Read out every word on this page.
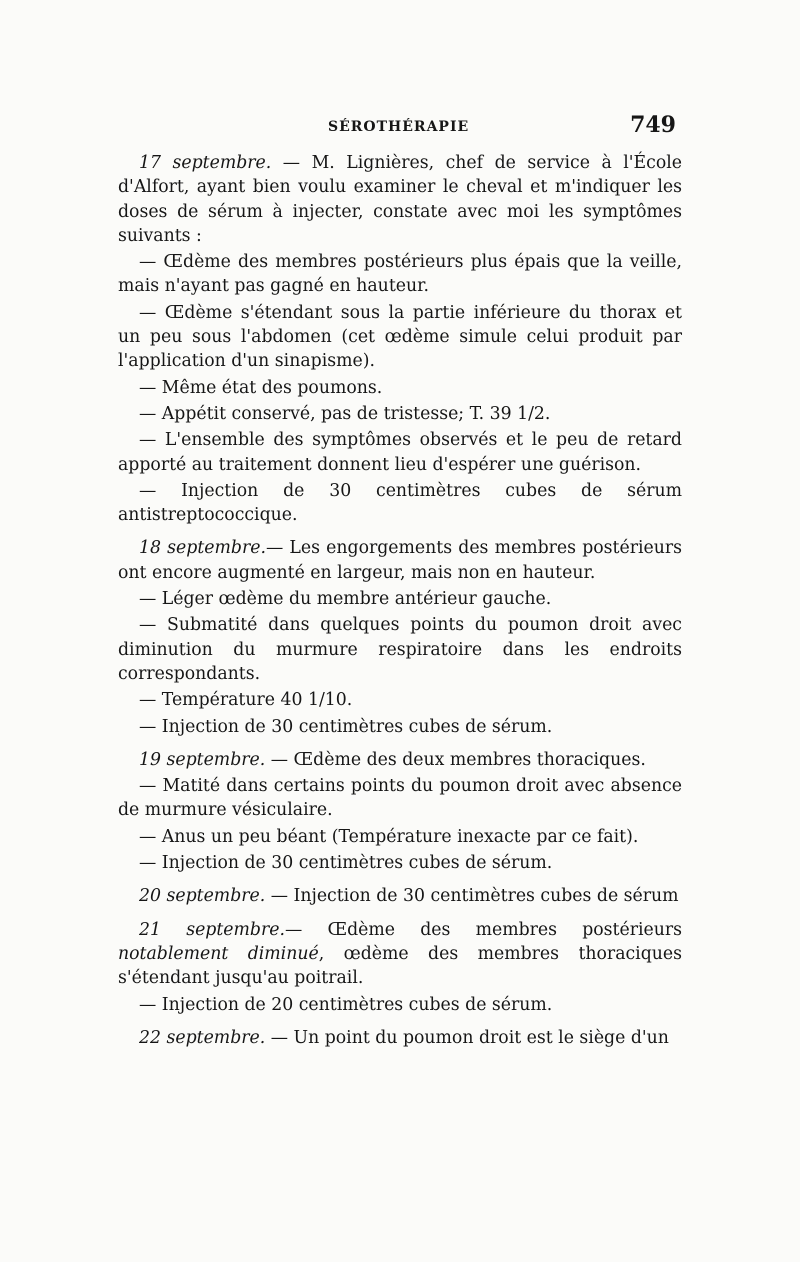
SÉROTHÉRAPIE	749

17 septembre. — M. Lignières, chef de service à l'École d'Alfort, ayant bien voulu examiner le cheval et m'indiquer les doses de sérum à injecter, constate avec moi les symptômes suivants :

— Œdème des membres postérieurs plus épais que la veille, mais n'ayant pas gagné en hauteur.

— Œdème s'étendant sous la partie inférieure du thorax et un peu sous l'abdomen (cet œdème simule celui produit par l'application d'un sinapisme).

— Même état des poumons.

— Appétit conservé, pas de tristesse; T. 39 1/2.

— L'ensemble des symptômes observés et le peu de retard apporté au traitement donnent lieu d'espérer une guérison.

— Injection de 30 centimètres cubes de sérum antistreptococcique.

18 septembre.— Les engorgements des membres postérieurs ont encore augmenté en largeur, mais non en hauteur.

— Léger œdème du membre antérieur gauche.

— Submatité dans quelques points du poumon droit avec diminution du murmure respiratoire dans les endroits correspondants.

— Température 40 1/10.

— Injection de 30 centimètres cubes de sérum.

19 septembre. — Œdème des deux membres thoraciques.

— Matité dans certains points du poumon droit avec absence de murmure vésiculaire.

— Anus un peu béant (Température inexacte par ce fait).

— Injection de 30 centimètres cubes de sérum.

20 septembre. — Injection de 30 centimètres cubes de sérum

21 septembre.— Œdème des membres postérieurs notablement diminué, œdème des membres thoraciques s'étendant jusqu'au poitrail.

— Injection de 20 centimètres cubes de sérum.

22 septembre. — Un point du poumon droit est le siège d'un
